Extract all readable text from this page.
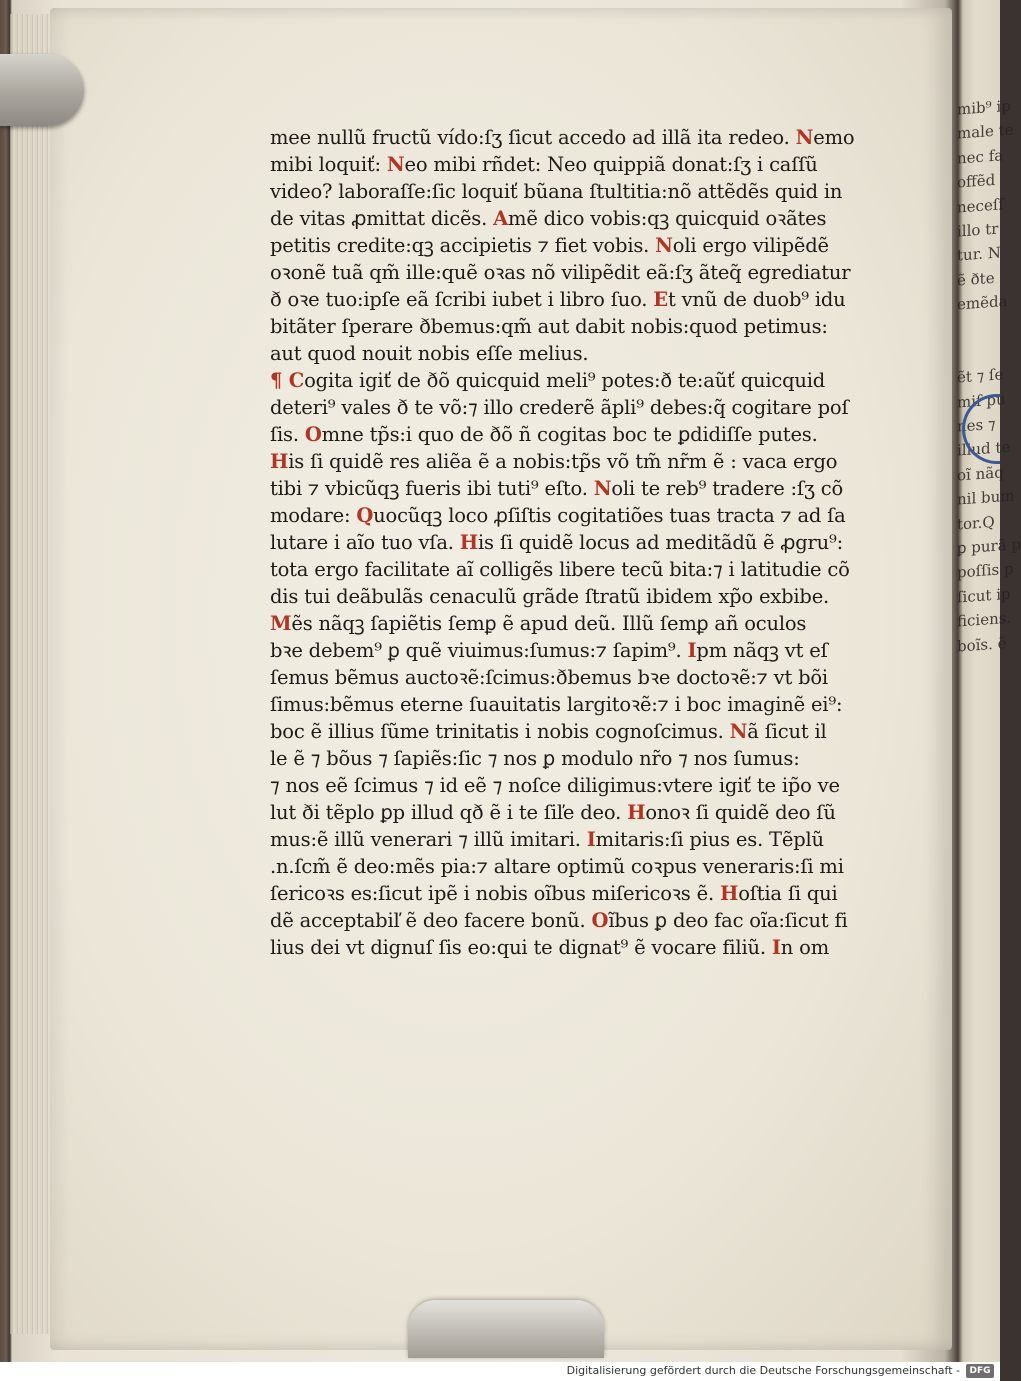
mib⁹ ip
male te
nec fa
offẽd
neceſſ
illo tr
tur. N
ẽ ðte
emẽda
ẽt ⁊ ſe
miſ pu
nes ⁊
illud te
oĩ nãq
nil bum
tor.Q
ꝑ purã p
poſſis p
ſicut ip
ficiens.
boĩs. ẽ
mee nullũ fructũ vído:ſʒ ſicut accedo ad illã ita redeo. Nemo
mibi loquiť: Neo mibi rñdet: Neo quippiã donat:ſʒ i caſſũ
video? laboraſſe:ſic loquiť bũana ſtultitia:nõ attẽdẽs quid in
de vitas ꝓmittat dicẽs. Amẽ dico vobis:qꝫ quicquid oꝛãtes
petitis credite:qꝫ accipietis ⁊ fiet vobis. Noli ergo vilipẽdẽ
oꝛonẽ tuã qm̃ ille:quẽ oꝛas nõ vilipẽdit eã:ſʒ ãteq̃ egrediatur
ð oꝛe tuo:ipſe eã ſcribi iubet i libro ſuo. Et vnũ de duob⁹ idu
bitãter ſperare ðbemus:qm̃ aut dabit nobis:quod petimus:
aut quod nouit nobis eſſe melius.
¶ Cogita igiť de ðõ quicquid meli⁹ potes:ð te:aũť quicquid
deteri⁹ vales ð te võ:⁊ illo crederẽ ãpli⁹ debes:q̃ cogitare poſ
ſis. Omne tp̃s:i quo de ðõ ñ cogitas boc te ꝑdidiſſe putes.
His ſi quidẽ res aliẽa ẽ a nobis:tp̃s võ tm̃ nr̃m ẽ : vaca ergo
tibi ⁊ vbicũqꝫ fueris ibi tuti⁹ eſto. Noli te reb⁹ tradere :ſʒ cõ
modare: Quocũqꝫ loco ꝓſiſtis cogitatiões tuas tracta ⁊ ad ſa
lutare i aĩo tuo vſa. His ſi quidẽ locus ad meditãdũ ẽ ꝓgru⁹:
tota ergo facilitate aĩ colligẽs libere tecũ bita:⁊ i latitudie cõ
dis tui deãbulãs cenaculũ grãde ſtratũ ibidem xp̃o exbibe.
Mẽs nãqꝫ ſapiẽtis ſemꝑ ẽ apud deũ. Illũ ſemꝑ añ oculos
bꝛe debem⁹ ꝑ quẽ viuimus:ſumus:⁊ ſapim⁹. Ipm nãqꝫ vt eſ
ſemus bẽmus auctoꝛẽ:ſcimus:ðbemus bꝛe doctoꝛẽ:⁊ vt bõi
ſimus:bẽmus eterne ſuauitatis largitoꝛẽ:⁊ i boc imaginẽ ei⁹:
boc ẽ illius ſũme trinitatis i nobis cognoſcimus. Nã ſicut il
le ẽ ⁊ bõus ⁊ ſapiẽs:ſic ⁊ nos ꝑ modulo nr̃o ⁊ nos ſumus:
⁊ nos eẽ ſcimus ⁊ id eẽ ⁊ noſce diligimus:vtere igiť te ip̃o ve
lut ði tẽplo ꝑp illud qð ẽ i te ſiľe deo. Honoꝛ ſi quidẽ deo ſũ
mus:ẽ illũ venerari ⁊ illũ imitari. Imitaris:ſi pius es. Tẽplũ
.n.ſcm̃ ẽ deo:mẽs pia:⁊ altare optimũ coꝛpus veneraris:ſi mi
ſericoꝛs es:ſicut ipẽ i nobis oĩbus miſericoꝛs ẽ. Hoſtia ſi qui
dẽ acceptabiľ ẽ deo facere bonũ. Oĩbus ꝑ deo fac oĩa:ſicut fi
lius dei vt dignuſ ſis eo:qui te dignat⁹ ẽ vocare filiũ. In om
Digitalisierung gefördert durch die Deutsche Forschungsgemeinschaft -	DFG
